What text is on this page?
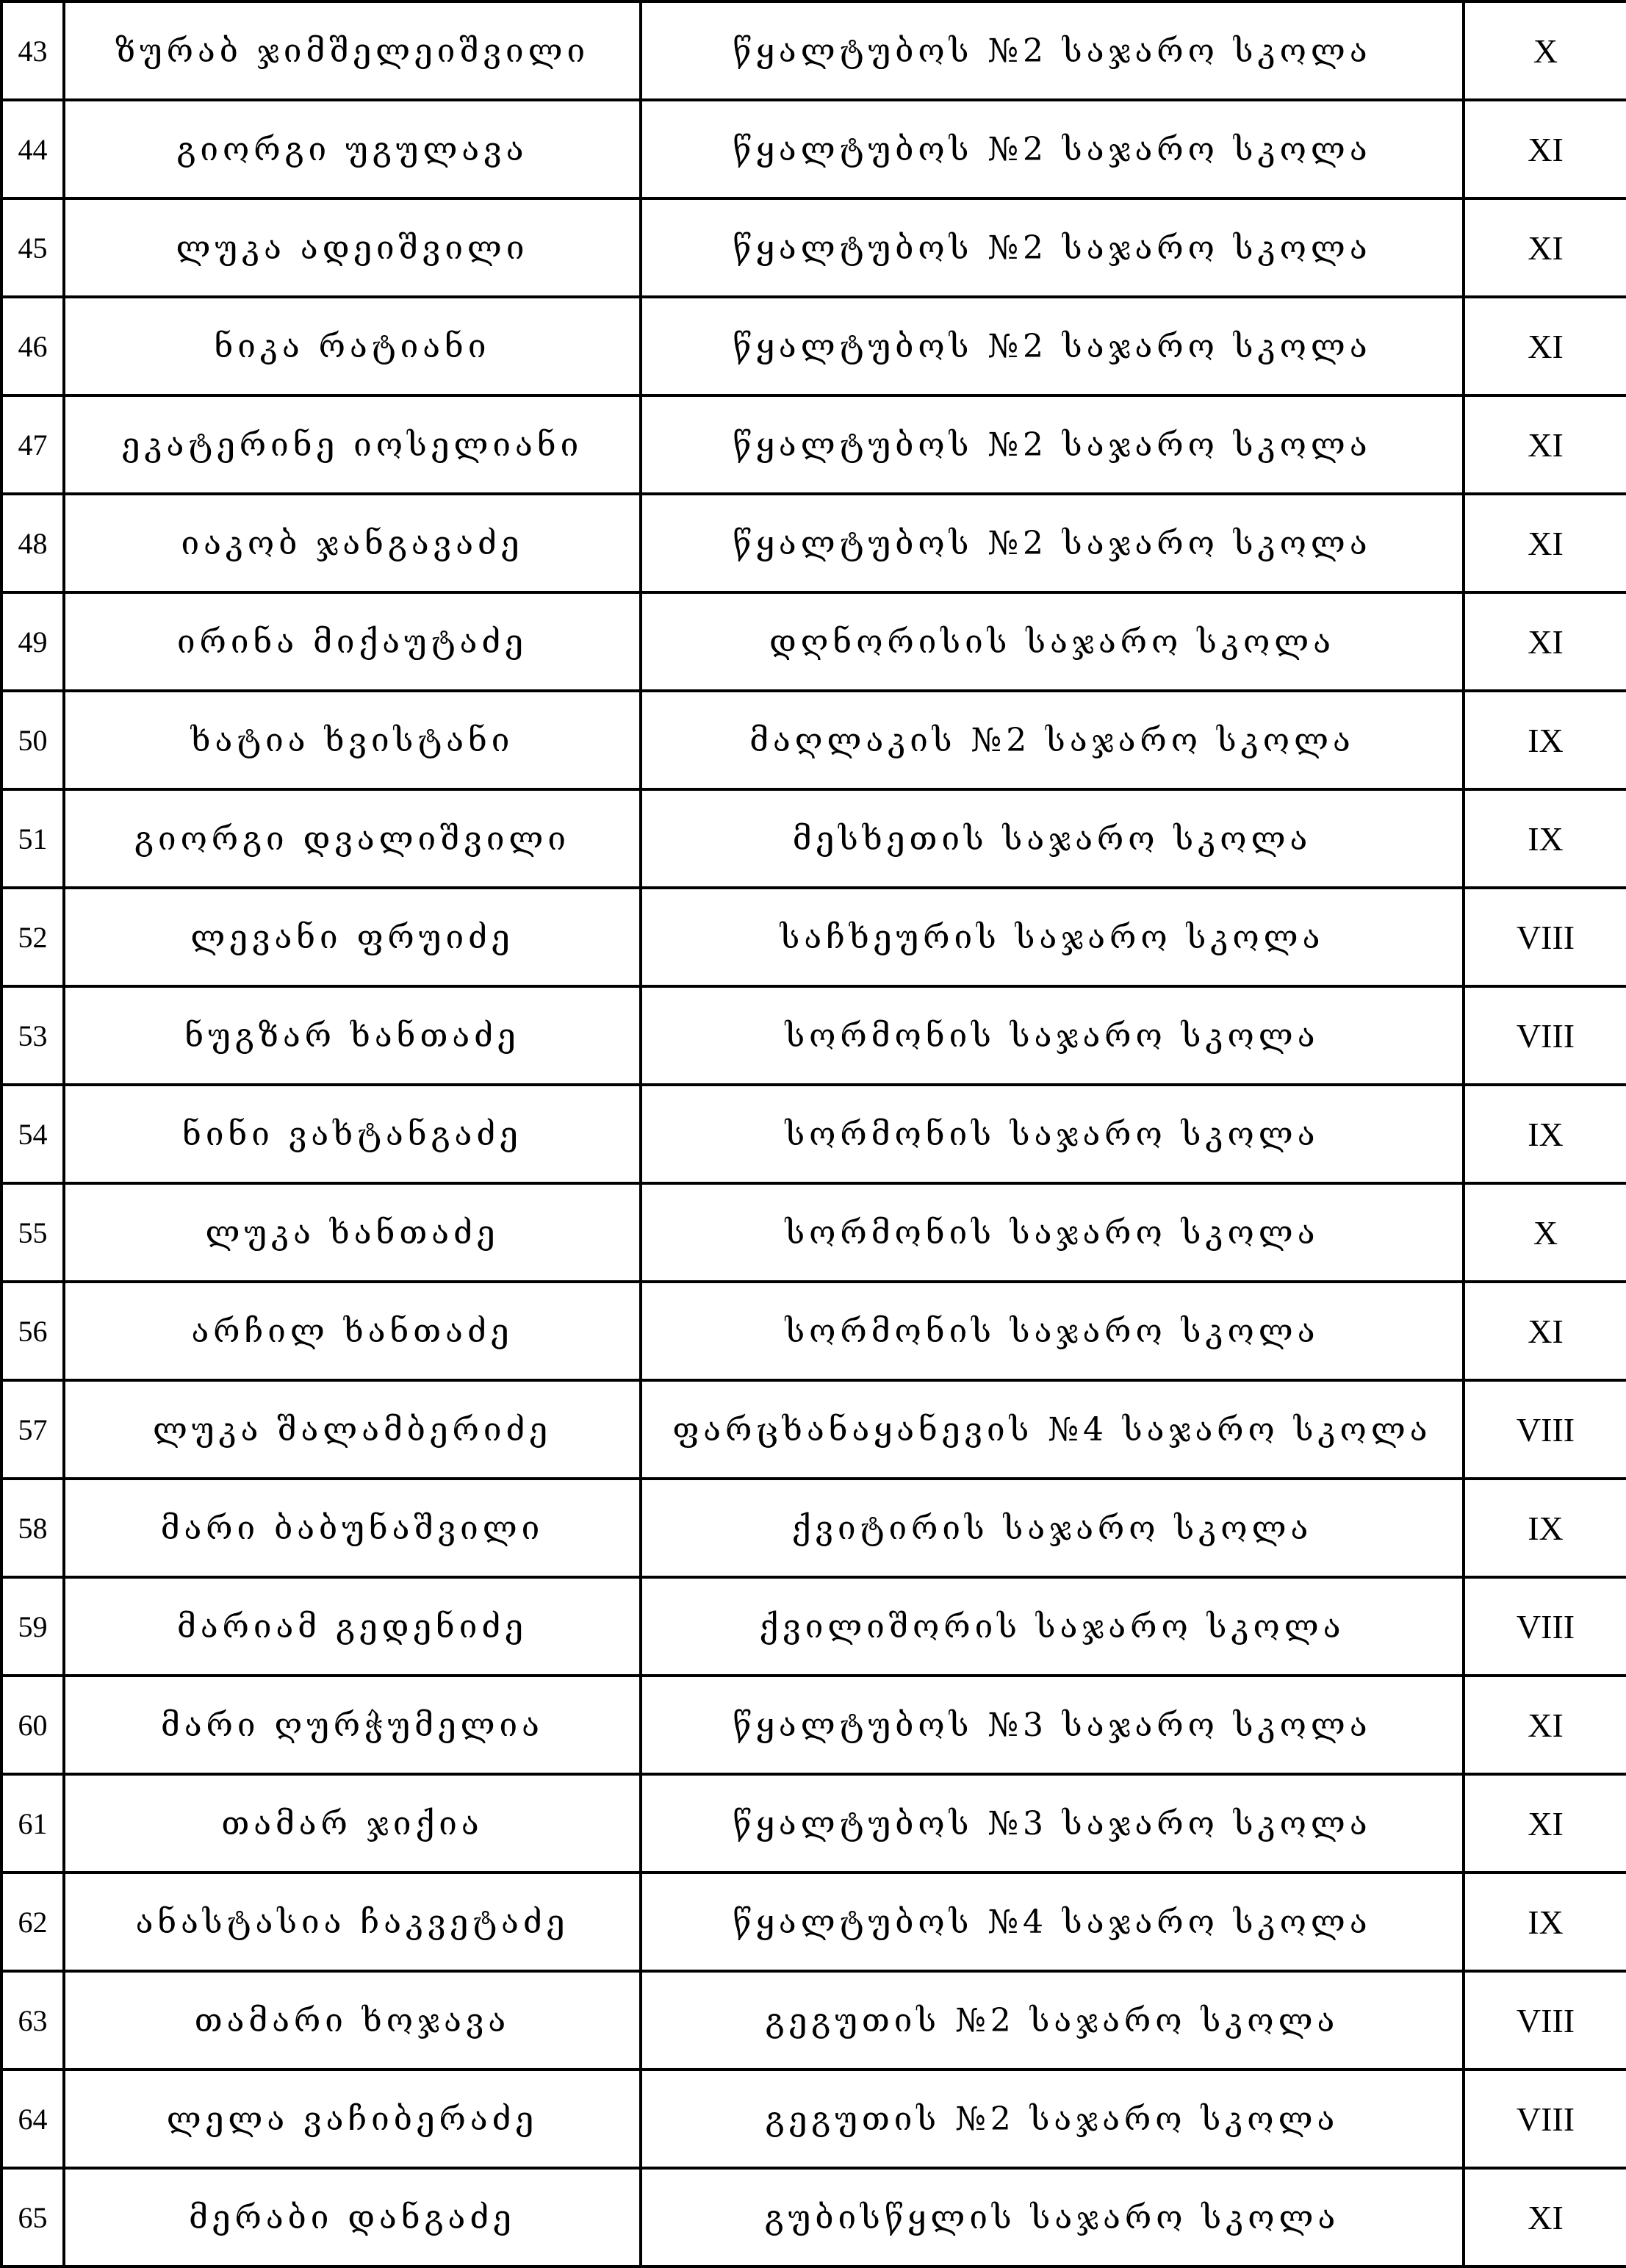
43	ზურაბ ჯიმშელეიშვილი	წყალტუბოს №2 საჯარო სკოლა	X
44	გიორგი უგულავა	წყალტუბოს №2 საჯარო სკოლა	XI
45	ლუკა ადეიშვილი	წყალტუბოს №2 საჯარო სკოლა	XI
46	ნიკა რატიანი	წყალტუბოს №2 საჯარო სკოლა	XI
47	ეკატერინე იოსელიანი	წყალტუბოს №2 საჯარო სკოლა	XI
48	იაკობ ჯანგავაძე	წყალტუბოს №2 საჯარო სკოლა	XI
49	ირინა მიქაუტაძე	დღნორისის საჯარო სკოლა	XI
50	ხატია ხვისტანი	მაღლაკის №2 საჯარო სკოლა	IX
51	გიორგი დვალიშვილი	მესხეთის საჯარო სკოლა	IX
52	ლევანი ფრუიძე	საჩხეურის საჯარო სკოლა	VIII
53	ნუგზარ ხანთაძე	სორმონის საჯარო სკოლა	VIII
54	ნინი ვახტანგაძე	სორმონის საჯარო სკოლა	IX
55	ლუკა ხანთაძე	სორმონის საჯარო სკოლა	X
56	არჩილ ხანთაძე	სორმონის საჯარო სკოლა	XI
57	ლუკა შალამბერიძე	ფარცხანაყანევის №4 საჯარო სკოლა	VIII
58	მარი ბაბუნაშვილი	ქვიტირის საჯარო სკოლა	IX
59	მარიამ გედენიძე	ქვილიშორის საჯარო სკოლა	VIII
60	მარი ღურჭუმელია	წყალტუბოს №3 საჯარო სკოლა	XI
61	თამარ ჯიქია	წყალტუბოს №3 საჯარო სკოლა	XI
62	ანასტასია ჩაკვეტაძე	წყალტუბოს №4 საჯარო სკოლა	IX
63	თამარი ხოჯავა	გეგუთის №2 საჯარო სკოლა	VIII
64	ლელა ვაჩიბერაძე	გეგუთის №2 საჯარო სკოლა	VIII
65	მერაბი დანგაძე	გუბისწყლის საჯარო სკოლა	XI
